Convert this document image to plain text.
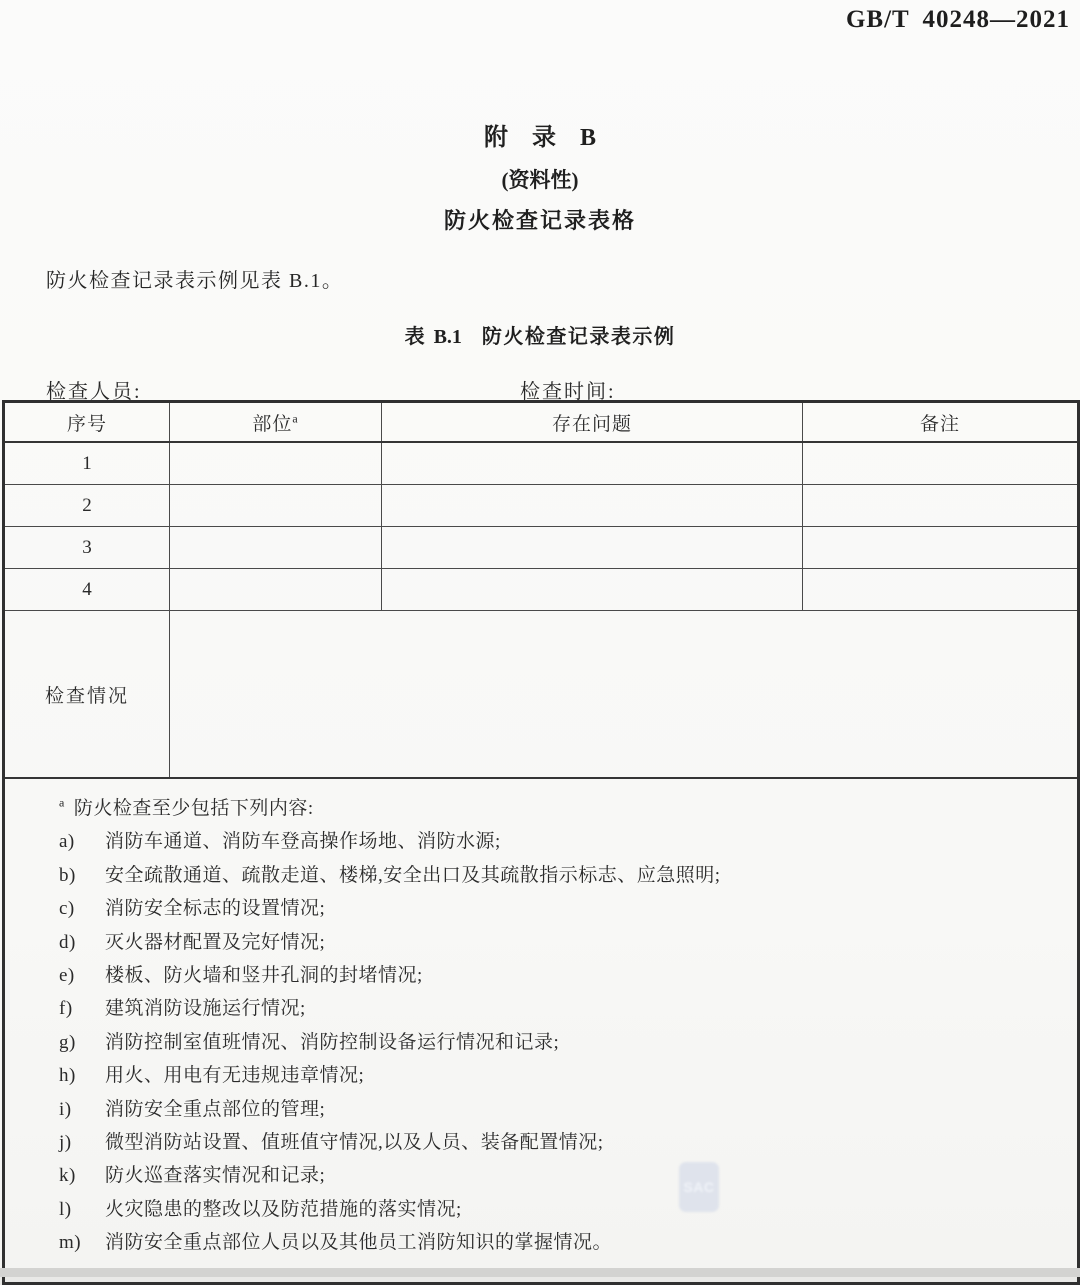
GB/T 40248—2021
附 录 B
(资料性)
防火检查记录表格

防火检查记录表示例见表 B.1。

表 B.1 防火检查记录表示例
检查人员:	检查时间:
序号	部位$^a$	存在问题	备注
1			
2			
3			
4			
检查情况			

$^a$ 防火检查至少包括下列内容:
a) 消防车通道、消防车登高操作场地、消防水源;
b) 安全疏散通道、疏散走道、楼梯,安全出口及其疏散指示标志、应急照明;
c) 消防安全标志的设置情况;
d) 灭火器材配置及完好情况;
e) 楼板、防火墙和竖井孔洞的封堵情况;
f) 建筑消防设施运行情况;
g) 消防控制室值班情况、消防控制设备运行情况和记录;
h) 用火、用电有无违规违章情况;
i) 消防安全重点部位的管理;
j) 微型消防站设置、值班值守情况,以及人员、装备配置情况;
k) 防火巡查落实情况和记录;
l) 火灾隐患的整改以及防范措施的落实情况;
m) 消防安全重点部位人员以及其他员工消防知识的掌握情况。
SAC
